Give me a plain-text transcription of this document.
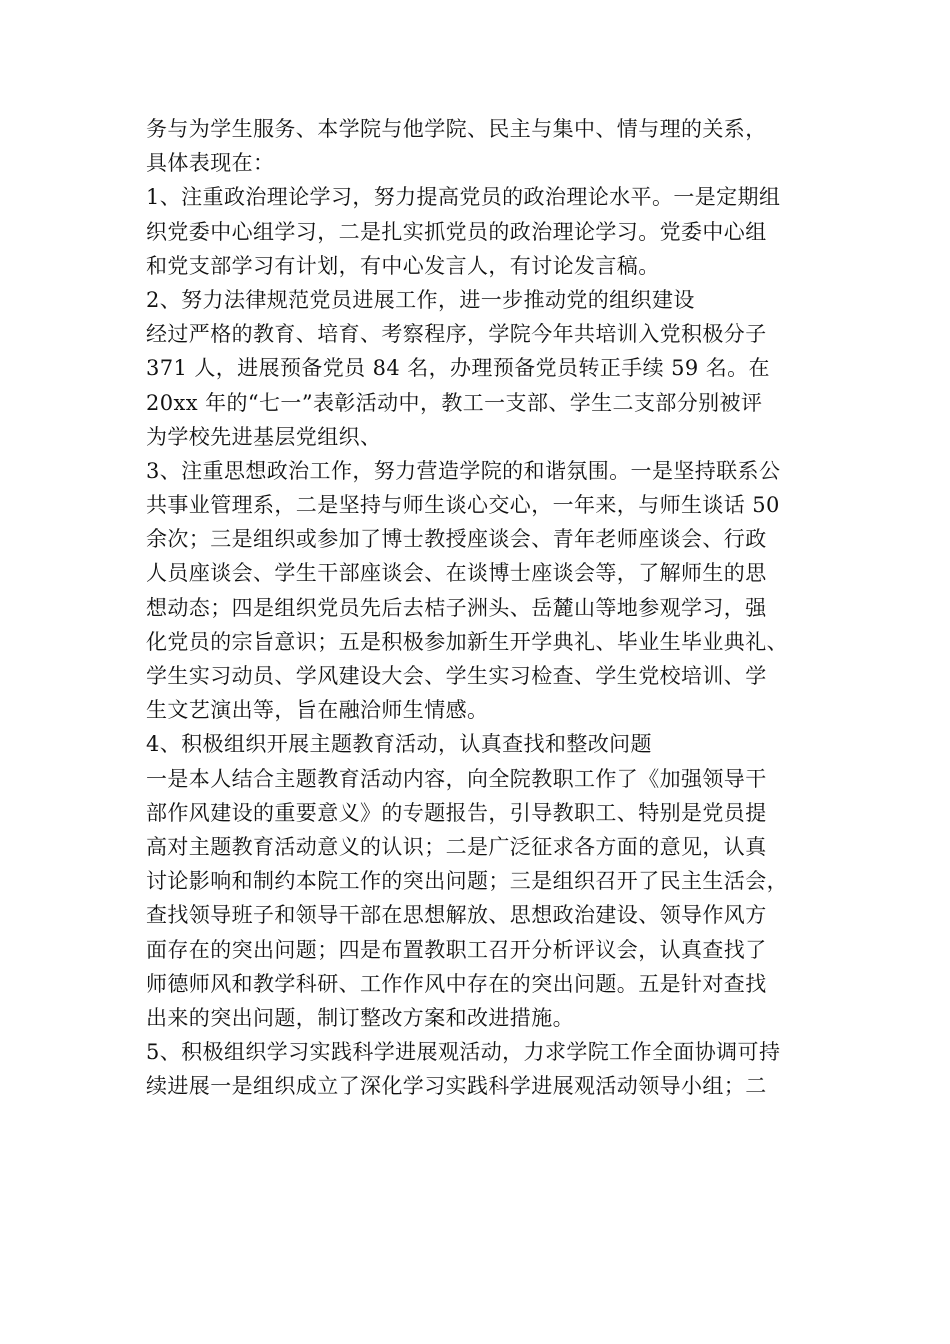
务与为学生服务、本学院与他学院、民主与集中、情与理的关系，
具体表现在：
1、注重政治理论学习，努力提高党员的政治理论水平。一是定期组
织党委中心组学习，二是扎实抓党员的政治理论学习。党委中心组
和党支部学习有计划，有中心发言人，有讨论发言稿。
2、努力法律规范党员进展工作，进一步推动党的组织建设
经过严格的教育、培育、考察程序，学院今年共培训入党积极分子
371 人，进展预备党员 84 名，办理预备党员转正手续 59 名。在
20xx 年的“七一”表彰活动中，教工一支部、学生二支部分别被评
为学校先进基层党组织、
3、注重思想政治工作，努力营造学院的和谐氛围。一是坚持联系公
共事业管理系，二是坚持与师生谈心交心，一年来，与师生谈话 50
余次；三是组织或参加了博士教授座谈会、青年老师座谈会、行政
人员座谈会、学生干部座谈会、在谈博士座谈会等，了解师生的思
想动态；四是组织党员先后去桔子洲头、岳麓山等地参观学习，强
化党员的宗旨意识；五是积极参加新生开学典礼、毕业生毕业典礼、
学生实习动员、学风建设大会、学生实习检查、学生党校培训、学
生文艺演出等，旨在融洽师生情感。
4、积极组织开展主题教育活动，认真查找和整改问题
一是本人结合主题教育活动内容，向全院教职工作了《加强领导干
部作风建设的重要意义》的专题报告，引导教职工、特别是党员提
高对主题教育活动意义的认识；二是广泛征求各方面的意见，认真
讨论影响和制约本院工作的突出问题；三是组织召开了民主生活会，
查找领导班子和领导干部在思想解放、思想政治建设、领导作风方
面存在的突出问题；四是布置教职工召开分析评议会，认真查找了
师德师风和教学科研、工作作风中存在的突出问题。五是针对查找
出来的突出问题，制订整改方案和改进措施。
5、积极组织学习实践科学进展观活动，力求学院工作全面协调可持
续进展一是组织成立了深化学习实践科学进展观活动领导小组；二
